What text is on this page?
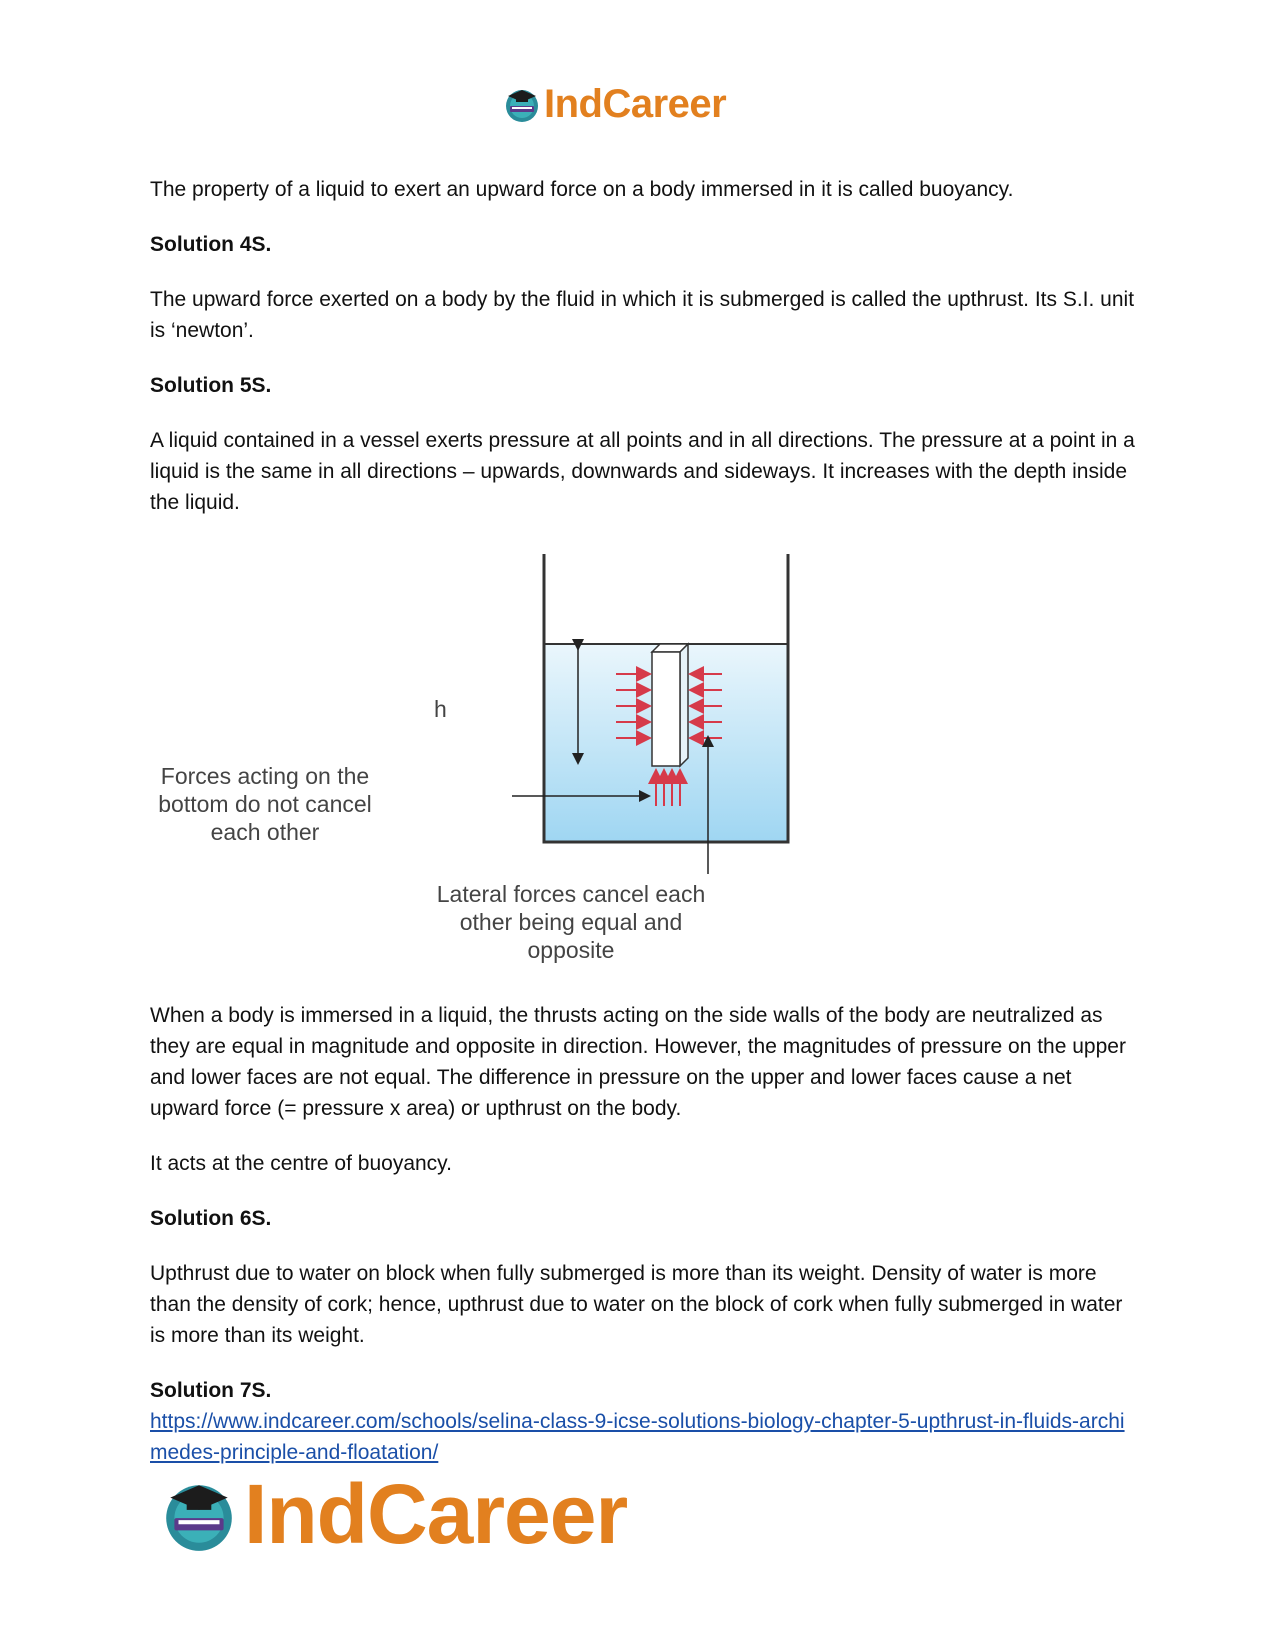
IndCareer

The property of a liquid to exert an upward force on a body immersed in it is called buoyancy.

Solution 4S.

The upward force exerted on a body by the fluid in which it is submerged is called the upthrust. Its S.I. unit is ‘newton’.

Solution 5S.

A liquid contained in a vessel exerts pressure at all points and in all directions. The pressure at a point in a liquid is the same in all directions – upwards, downwards and sideways. It increases with the depth inside the liquid.

h
Forces acting on the bottom do not cancel each other
Lateral forces cancel each other being equal and opposite

When a body is immersed in a liquid, the thrusts acting on the side walls of the body are neutralized as they are equal in magnitude and opposite in direction. However, the magnitudes of pressure on the upper and lower faces are not equal. The difference in pressure on the upper and lower faces cause a net upward force (= pressure x area) or upthrust on the body.

It acts at the centre of buoyancy.

Solution 6S.

Upthrust due to water on block when fully submerged is more than its weight. Density of water is more than the density of cork; hence, upthrust due to water on the block of cork when fully submerged in water is more than its weight.

Solution 7S.

https://www.indcareer.com/schools/selina-class-9-icse-solutions-biology-chapter-5-upthrust-in-fluids-archimedes-principle-and-floatation/

IndCareer
